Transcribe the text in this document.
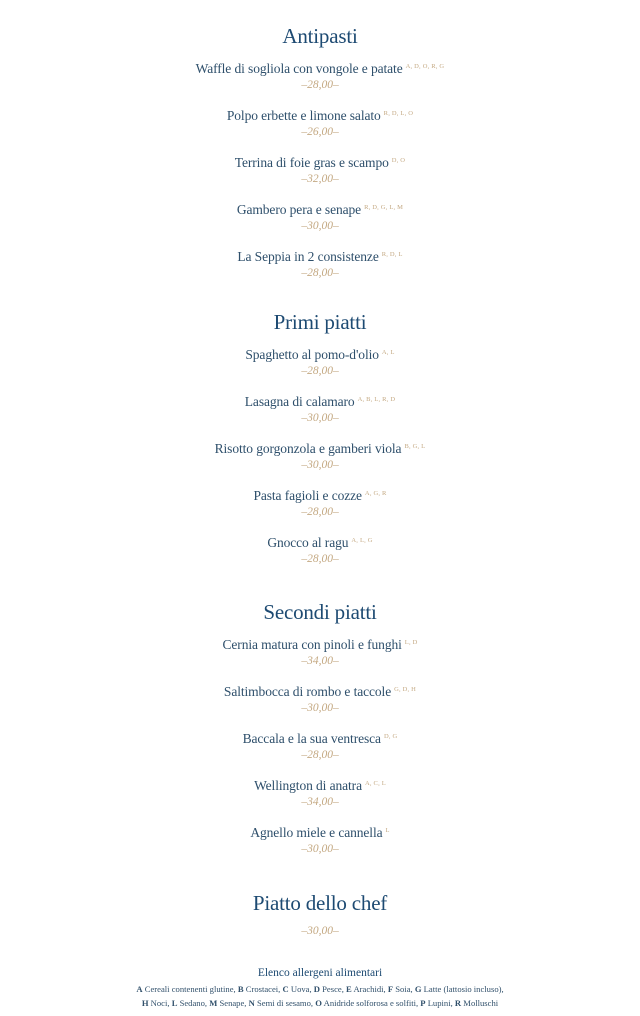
Antipasti
Waffle di sogliola con vongole e patate $^{A, D, O, R, G}$
–28,00–
Polpo erbette e limone salato $^{R, D, L, O}$
–26,00–
Terrina di foie gras e scampo $^{D, O}$
–32,00–
Gambero pera e senape $^{R, D, G, L, M}$
–30,00–
La Seppia in 2 consistenze $^{R, D, L}$
–28,00–
Primi piatti
Spaghetto al pomo-d'olio $^{A, L}$
–28,00–
Lasagna di calamaro $^{A, B, L, R, D}$
–30,00–
Risotto gorgonzola e gamberi viola $^{B, G, L}$
–30,00–
Pasta fagioli e cozze $^{A, G, R}$
–28,00–
Gnocco al ragu $^{A, L, G}$
–28,00–
Secondi piatti
Cernia matura con pinoli e funghi $^{L, D}$
–34,00–
Saltimbocca di rombo e taccole $^{G, D, H}$
–30,00–
Baccala e la sua ventresca $^{D, G}$
–28,00–
Wellington di anatra $^{A, C, L}$
–34,00–
Agnello miele e cannella $^L$
–30,00–
Piatto dello chef
–30,00–
Elenco allergeni alimentari
A Cereali contenenti glutine, B Crostacei, C Uova, D Pesce, E Arachidi, F Soia, G Latte (lattosio incluso),
H Noci, L Sedano, M Senape, N Semi di sesamo, O Anidride solforosa e solfiti, P Lupini, R Molluschi
